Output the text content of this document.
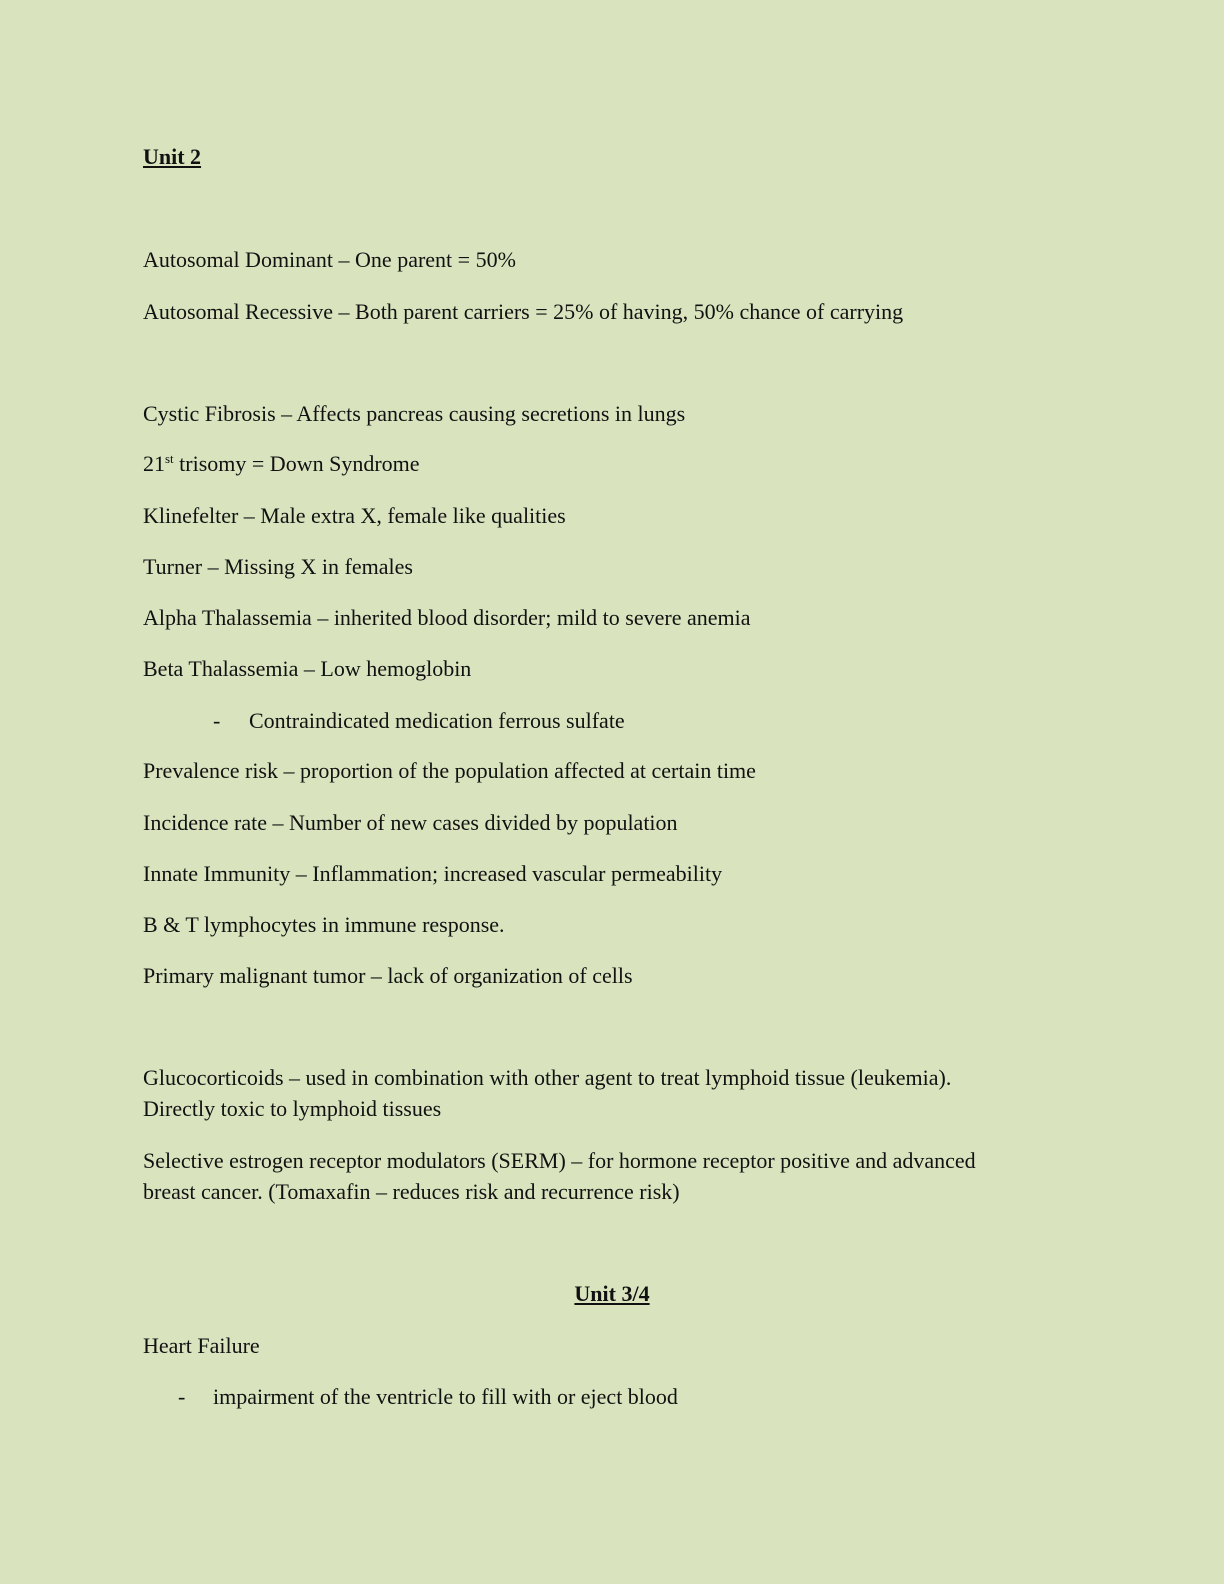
Unit 2
Autosomal Dominant – One parent = 50%
Autosomal Recessive – Both parent carriers = 25% of having, 50% chance of carrying
Cystic Fibrosis – Affects pancreas causing secretions in lungs
21st trisomy = Down Syndrome
Klinefelter – Male extra X, female like qualities
Turner – Missing X in females
Alpha Thalassemia – inherited blood disorder; mild to severe anemia
Beta Thalassemia – Low hemoglobin
- Contraindicated medication ferrous sulfate
Prevalence risk – proportion of the population affected at certain time
Incidence rate – Number of new cases divided by population
Innate Immunity – Inflammation; increased vascular permeability
B & T lymphocytes in immune response.
Primary malignant tumor – lack of organization of cells
Glucocorticoids – used in combination with other agent to treat lymphoid tissue (leukemia).
Directly toxic to lymphoid tissues
Selective estrogen receptor modulators (SERM) – for hormone receptor positive and advanced
breast cancer. (Tomaxafin – reduces risk and recurrence risk)
Unit 3/4
Heart Failure
- impairment of the ventricle to fill with or eject blood
